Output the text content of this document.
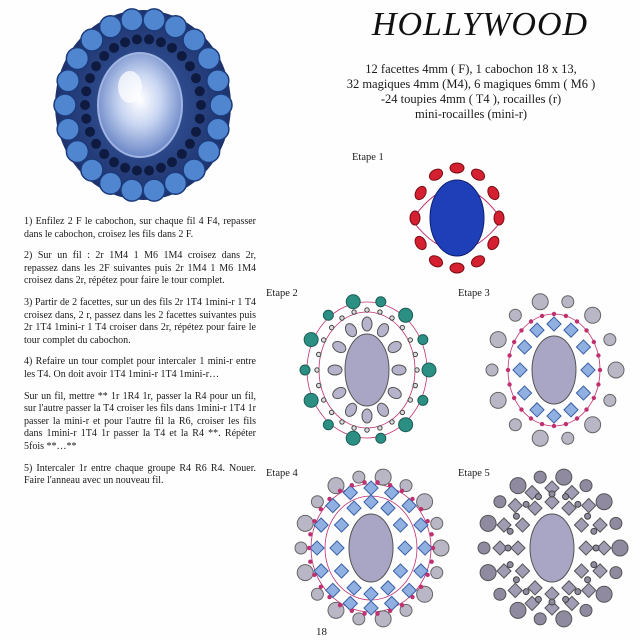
HOLLYWOOD
12 facettes 4mm ( F), 1 cabochon 18 x 13,
32 magiques 4mm (M4), 6 magiques 6mm ( M6 )
-24 toupies 4mm ( T4 ), rocailles (r)
mini-rocailles (mini-r)

1) Enfilez 2 F le cabochon, sur chaque fil 4 F4, repasser dans le cabochon, croisez les fils dans 2 F.

2) Sur un fil : 2r 1M4 1 M6 1M4 croisez dans 2r, repassez dans les 2F suivantes puis 2r 1M4 1 M6 1M4 croisez dans 2r, répétez pour faire le tour complet.

3) Partir de 2 facettes, sur un des fils 2r 1T4 1mini-r 1 T4 croisez dans, 2 r, passez dans les 2 facettes suivantes puis 2r 1T4 1mini-r 1 T4 croiser dans 2r, répétez pour faire le tour complet du cabochon.

4) Refaire un tour complet pour intercaler 1 mini-r entre les T4. On doit avoir 1T4 1mini-r 1T4 1mini-r…

Sur un fil, mettre ** 1r 1R4 1r, passer la R4 pour un fil, sur l'autre passer la T4 croiser les fils dans 1mini-r 1T4 1r passer la mini-r et pour l'autre fil la R6, croiser les fils dans 1mini-r 1T4 1r passer la T4 et la R4 **. Répéter 5fois **…**

5) Intercaler 1r entre chaque groupe R4 R6 R4. Nouer. Faire l'anneau avec un nouveau fil.

Etape 1
Etape 2	Etape 3
Etape 4	Etape 5
18
